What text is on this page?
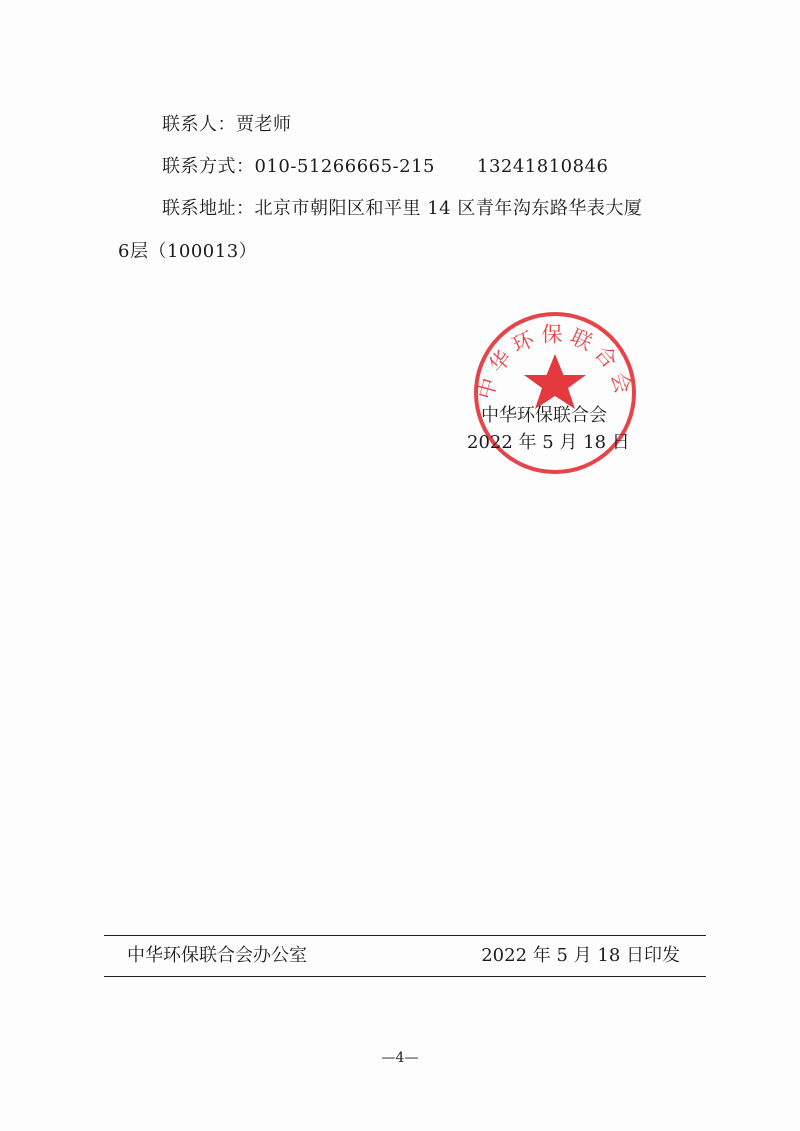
联系人：贾老师
联系方式：010-51266665-215 13241810846
联系地址：北京市朝阳区和平里 14 区青年沟东路华表大厦
6层（100013）
中华环保联合会
中华环保联合会
2022 年 5 月 18 日
中华环保联合会办公室	2022 年 5 月 18 日印发
—4—
